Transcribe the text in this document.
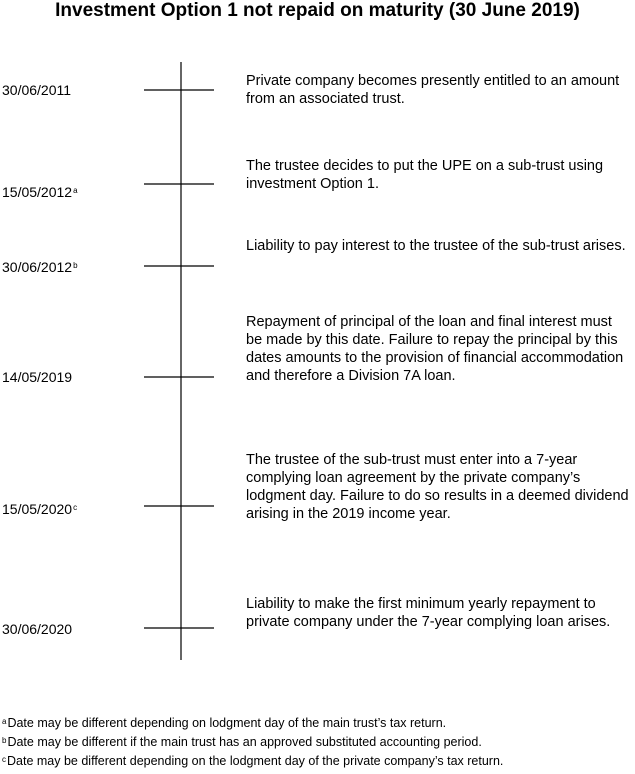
Investment Option 1 not repaid on maturity (30 June 2019)
30/06/2011
Private company becomes presently entitled to an amount from an associated trust.
15/05/2012$^a$
The trustee decides to put the UPE on a sub-trust using investment Option 1.
30/06/2012$^b$
Liability to pay interest to the trustee of the sub-trust arises.
14/05/2019
Repayment of principal of the loan and final interest must be made by this date. Failure to repay the principal by this dates amounts to the provision of financial accommodation and therefore a Division 7A loan.
15/05/2020$^c$
The trustee of the sub-trust must enter into a 7-year complying loan agreement by the private company’s lodgment day. Failure to do so results in a deemed dividend arising in the 2019 income year.
30/06/2020
Liability to make the first minimum yearly repayment to private company under the 7-year complying loan arises.
$^a$Date may be different depending on lodgment day of the main trust’s tax return.
$^b$Date may be different if the main trust has an approved substituted accounting period.
$^c$Date may be different depending on the lodgment day of the private company’s tax return.
